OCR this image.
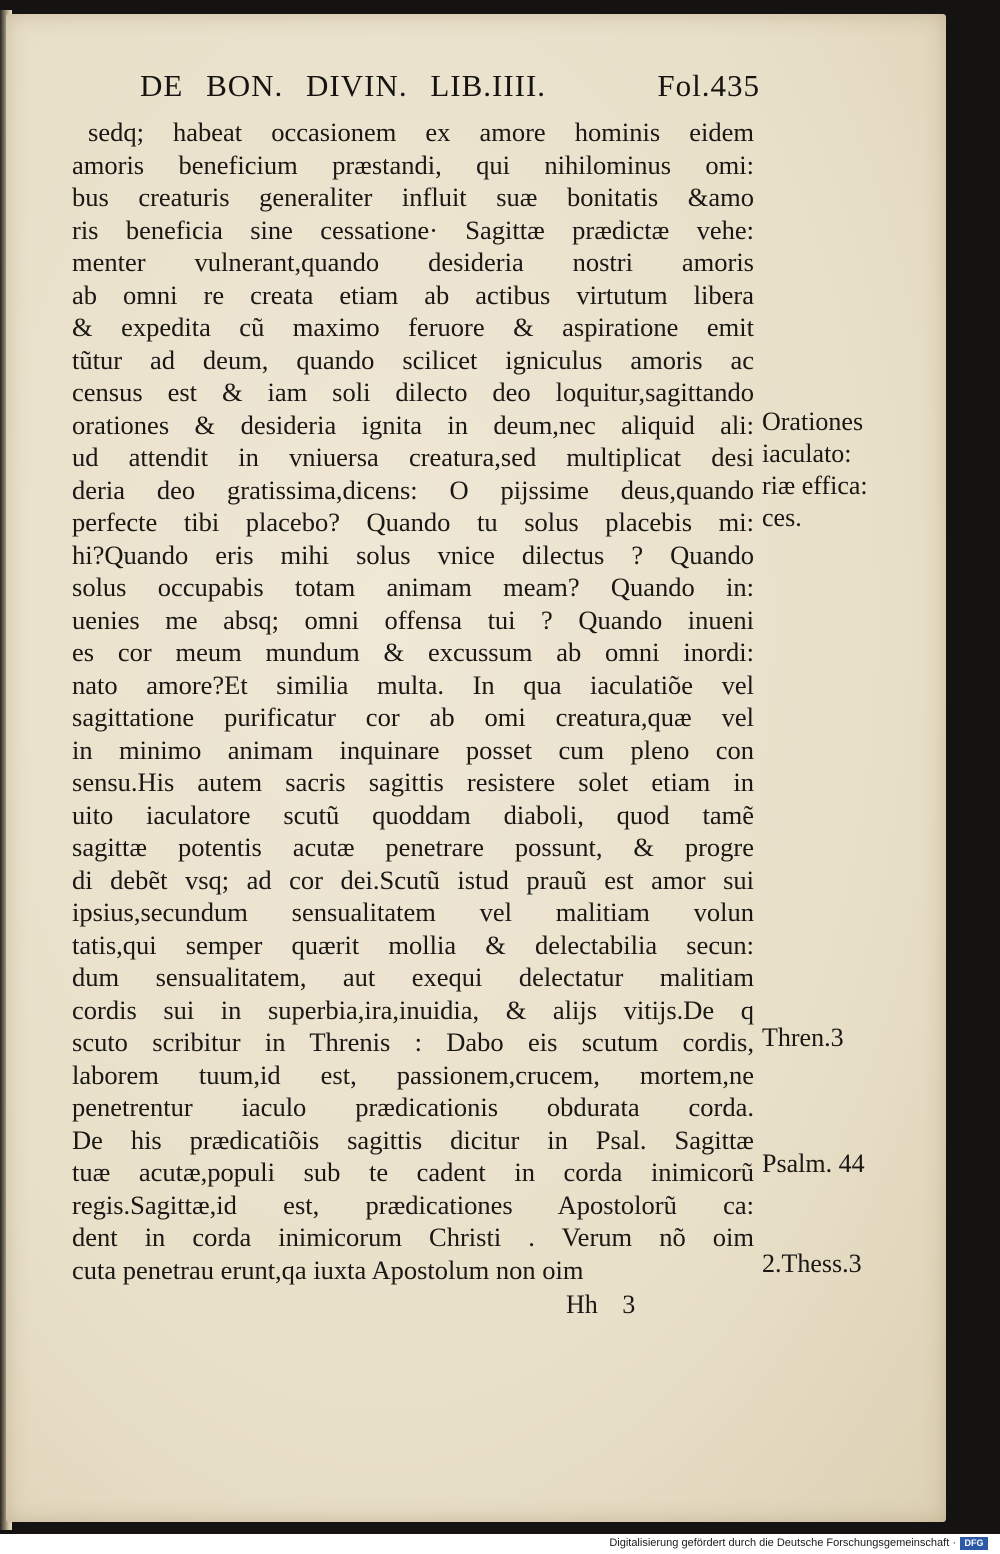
DE BON. DIVIN. LIB.IIII.	Fol.435
sedq; habeat occasionem ex amore hominis eidem
amoris beneficium præstandi, qui nihilominus omi:
bus creaturis generaliter influit suæ bonitatis &amo
ris beneficia sine cessatione· Sagittæ prædictæ vehe:
menter vulnerant,quando desideria nostri amoris
ab omni re creata etiam ab actibus virtutum libera
& expedita cũ maximo feruore & aspiratione emit
tũtur ad deum, quando scilicet igniculus amoris ac
census est & iam soli dilecto deo loquitur,sagittando
orationes & desideria ignita in deum,nec aliquid ali:
ud attendit in vniuersa creatura,sed multiplicat desi
deria deo gratissima,dicens: O pijssime deus,quando
perfecte tibi placebo? Quando tu solus placebis mi:
hi?Quando eris mihi solus vnice dilectus ? Quando
solus occupabis totam animam meam? Quando in:
uenies me absq; omni offensa tui ? Quando inueni
es cor meum mundum & excussum ab omni inordi:
nato amore?Et similia multa. In qua iaculatiõe vel
sagittatione purificatur cor ab omi creatura,quæ vel
in minimo animam inquinare posset cum pleno con
sensu.His autem sacris sagittis resistere solet etiam in
uito iaculatore scutũ quoddam diaboli, quod tamẽ
sagittæ potentis acutæ penetrare possunt, & progre
di debẽt vsq; ad cor dei.Scutũ istud prauũ est amor sui
ipsius,secundum sensualitatem vel malitiam volun
tatis,qui semper quærit mollia & delectabilia secun:
dum sensualitatem, aut exequi delectatur malitiam
cordis sui in superbia,ira,inuidia, & alijs vitijs.De q
scuto scribitur in Threnis : Dabo eis scutum cordis,
laborem tuum,id est, passionem,crucem, mortem,ne
penetrentur iaculo prædicationis obdurata corda.
De his prædicatiõis sagittis dicitur in Psal. Sagittæ
tuæ acutæ,populi sub te cadent in corda inimicorũ
regis.Sagittæ,id est, prædicationes Apostolorũ ca:
dent in corda inimicorum Christi . Verum nõ oim
cuta penetrau erunt,qa iuxta Apostolum non oim
Orationes
iaculato:
riæ effica:
ces.
Thren.3
Psalm. 44
2.Thess.3
Hh 3
Digitalisierung gefördert durch die Deutsche Forschungsgemeinschaft · DFG
